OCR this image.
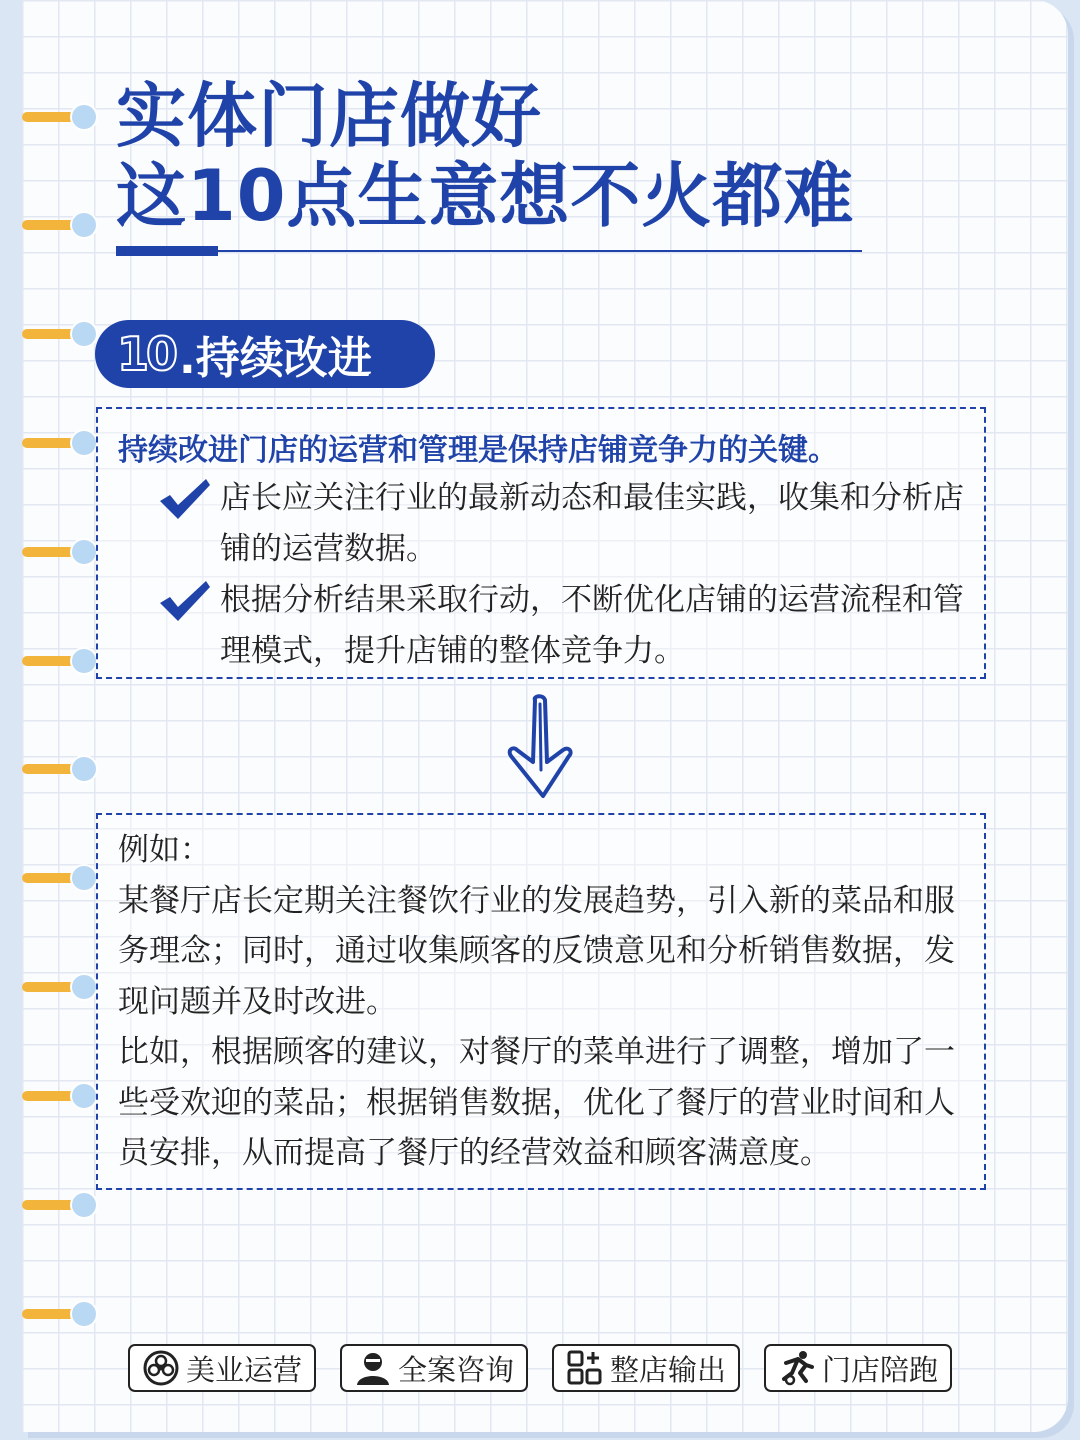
实体门店做好
这10点生意想不火都难
10 .持续改进
持续改进门店的运营和管理是保持店铺竞争力的关键。
店长应关注行业的最新动态和最佳实践，收集和分析店铺的运营数据。
根据分析结果采取行动，不断优化店铺的运营流程和管理模式，提升店铺的整体竞争力。
例如：
某餐厅店长定期关注餐饮行业的发展趋势，引入新的菜品和服务理念；同时，通过收集顾客的反馈意见和分析销售数据，发现问题并及时改进。
比如，根据顾客的建议，对餐厅的菜单进行了调整，增加了一些受欢迎的菜品；根据销售数据，优化了餐厅的营业时间和人员安排，从而提高了餐厅的经营效益和顾客满意度。
美业运营	全案咨询	整店输出	门店陪跑
